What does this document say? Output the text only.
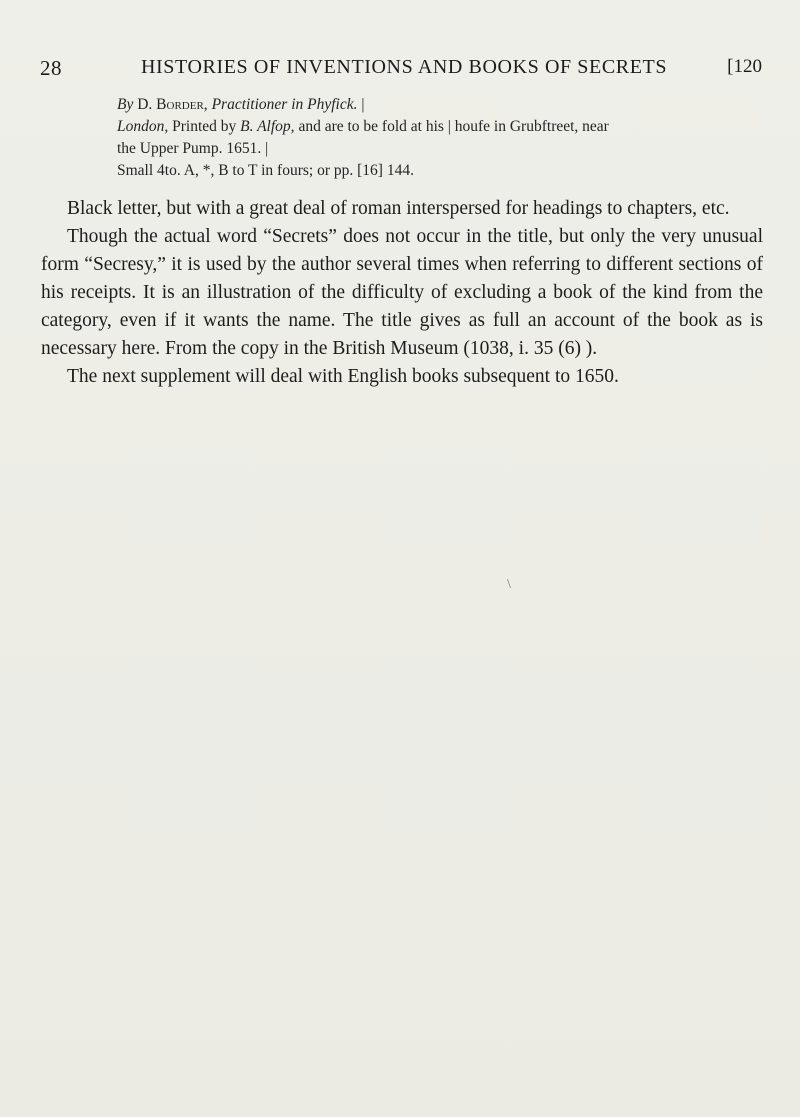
28	HISTORIES OF INVENTIONS AND BOOKS OF SECRETS	[120
By D. Border, Practitioner in Phyfick. |
London, Printed by B. Alfop, and are to be fold at his | houfe in Grubftreet, near
the Upper Pump. 1651. |
Small 4to. A, *, B to T in fours; or pp. [16] 144.

Black letter, but with a great deal of roman interspersed for headings to chapters, etc.

Though the actual word “Secrets” does not occur in the title, but only the very unusual form “Secresy,” it is used by the author several times when referring to different sections of his receipts. It is an illustration of the difficulty of excluding a book of the kind from the category, even if it wants the name. The title gives as full an account of the book as is necessary here. From the copy in the British Museum (1038, i. 35 (6) ).

The next supplement will deal with English books subsequent to 1650.

\
